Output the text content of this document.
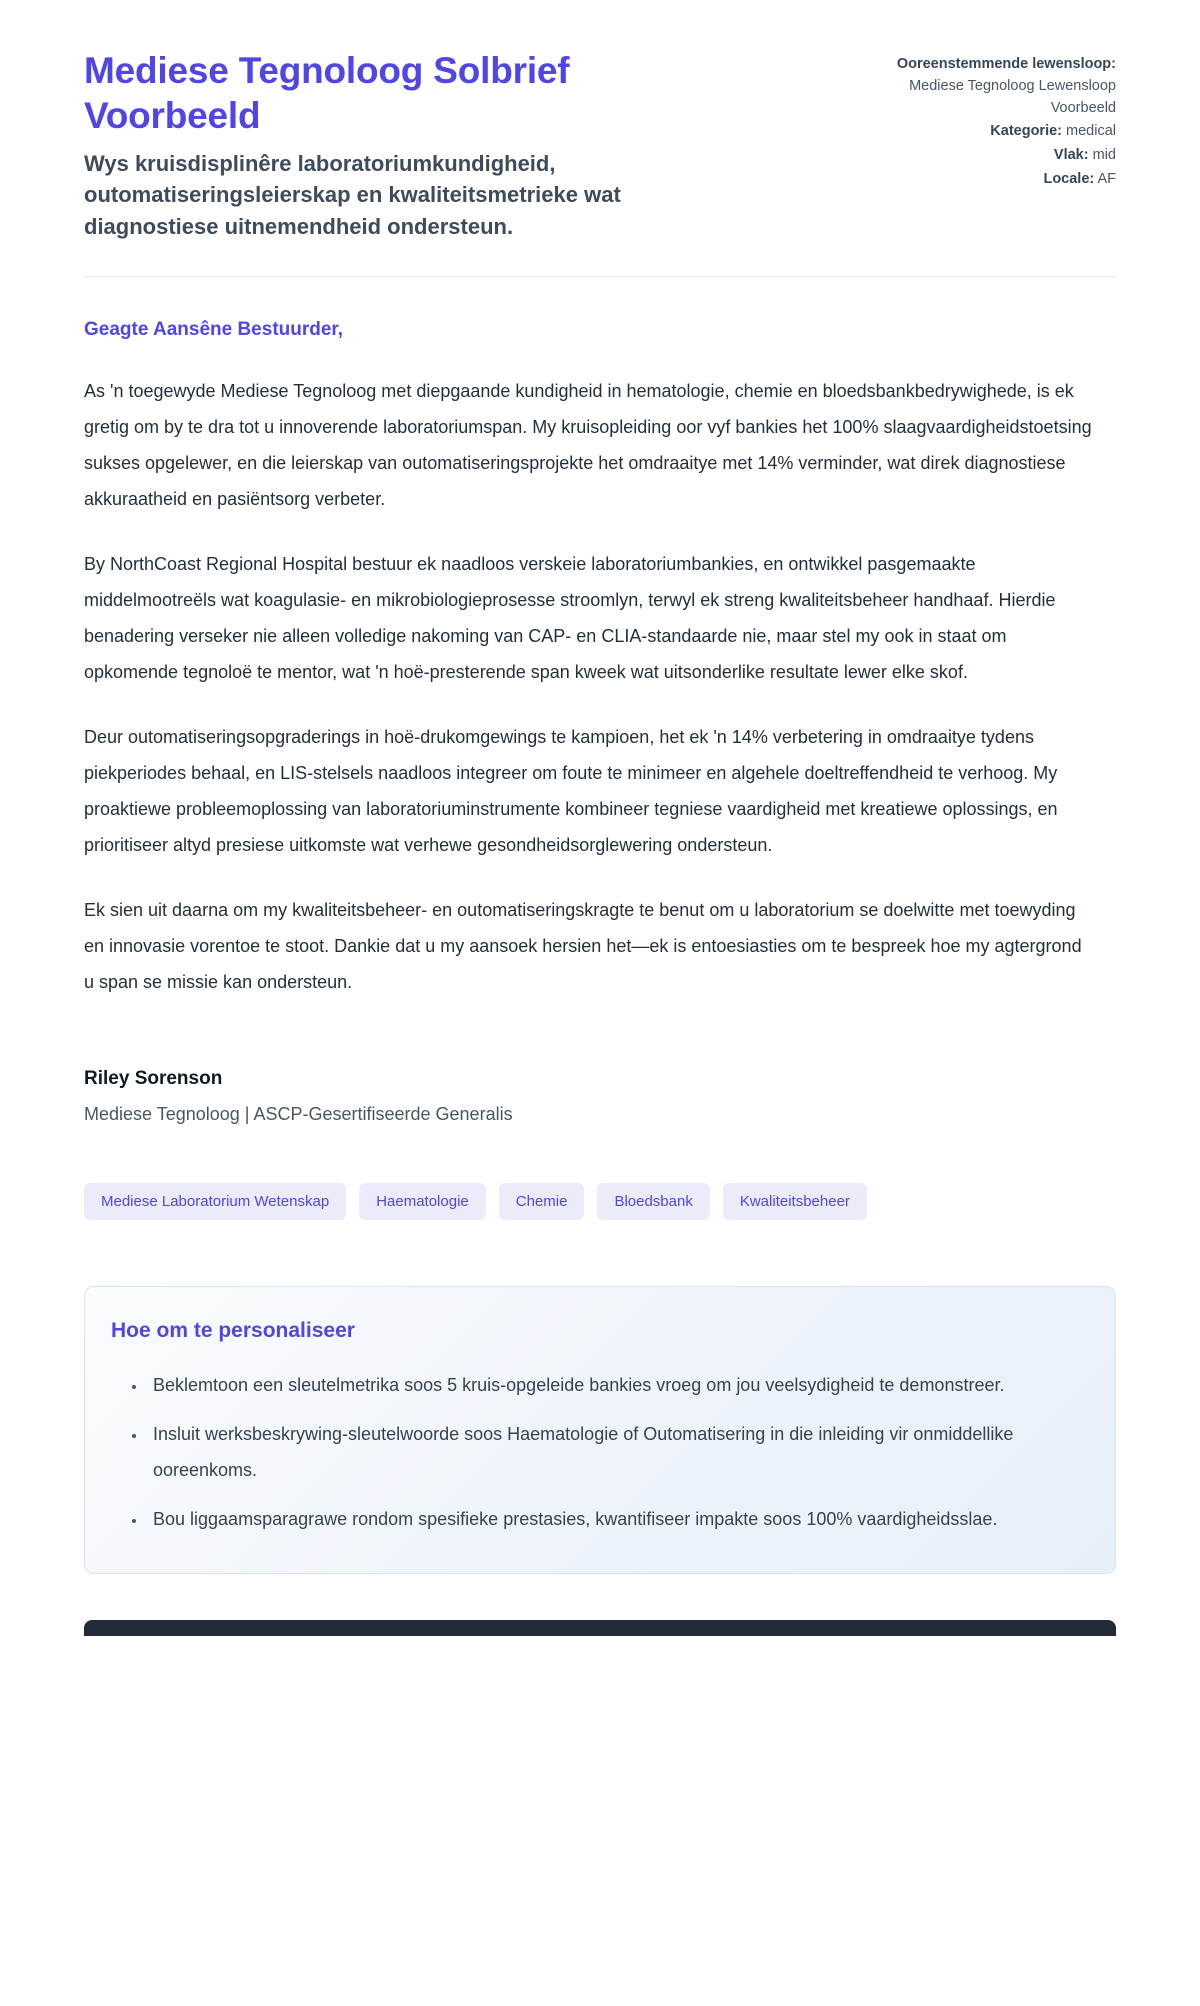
Mediese Tegnoloog Solbrief Voorbeeld

Wys kruisdisplinêre laboratoriumkundigheid, outomatiseringsleierskap en kwaliteitsmetrieke wat diagnostiese uitnemendheid ondersteun.

Ooreenstemmende lewensloop: Mediese Tegnoloog Lewensloop Voorbeeld
Kategorie: medical
Vlak: mid
Locale: AF

Geagte Aansêne Bestuurder,

As 'n toegewyde Mediese Tegnoloog met diepgaande kundigheid in hematologie, chemie en bloedsbankbedrywighede, is ek gretig om by te dra tot u innoverende laboratoriumspan. My kruisopleiding oor vyf bankies het 100% slaagvaardigheidstoetsing sukses opgelewer, en die leierskap van outomatiseringsprojekte het omdraaitye met 14% verminder, wat direk diagnostiese akkuraatheid en pasiëntsorg verbeter.

By NorthCoast Regional Hospital bestuur ek naadloos verskeie laboratoriumbankies, en ontwikkel pasgemaakte middelmootreëls wat koagulasie- en mikrobiologieprosesse stroomlyn, terwyl ek streng kwaliteitsbeheer handhaaf. Hierdie benadering verseker nie alleen volledige nakoming van CAP- en CLIA-standaarde nie, maar stel my ook in staat om opkomende tegnoloë te mentor, wat 'n hoë-presterende span kweek wat uitsonderlike resultate lewer elke skof.

Deur outomatiseringsopgraderings in hoë-drukomgewings te kampioen, het ek 'n 14% verbetering in omdraaitye tydens piekperiodes behaal, en LIS-stelsels naadloos integreer om foute te minimeer en algehele doeltreffendheid te verhoog. My proaktiewe probleemoplossing van laboratoriuminstrumente kombineer tegniese vaardigheid met kreatiewe oplossings, en prioritiseer altyd presiese uitkomste wat verhewe gesondheidsorglewering ondersteun.

Ek sien uit daarna om my kwaliteitsbeheer- en outomatiseringskragte te benut om u laboratorium se doelwitte met toewyding en innovasie vorentoe te stoot. Dankie dat u my aansoek hersien het—ek is entoesiasties om te bespreek hoe my agtergrond u span se missie kan ondersteun.

Riley Sorenson

Mediese Tegnoloog | ASCP-Gesertifiseerde Generalis

Mediese Laboratorium Wetenskap	Haematologie	Chemie	Bloedsbank	Kwaliteitsbeheer
Hoe om te personaliseer
• Beklemtoon een sleutelmetrika soos 5 kruis-opgeleide bankies vroeg om jou veelsydigheid te demonstreer.
• Insluit werksbeskrywing-sleutelwoorde soos Haematologie of Outomatisering in die inleiding vir onmiddellike ooreenkoms.
• Bou liggaamsparagrawe rondom spesifieke prestasies, kwantifiseer impakte soos 100% vaardigheidsslae.
